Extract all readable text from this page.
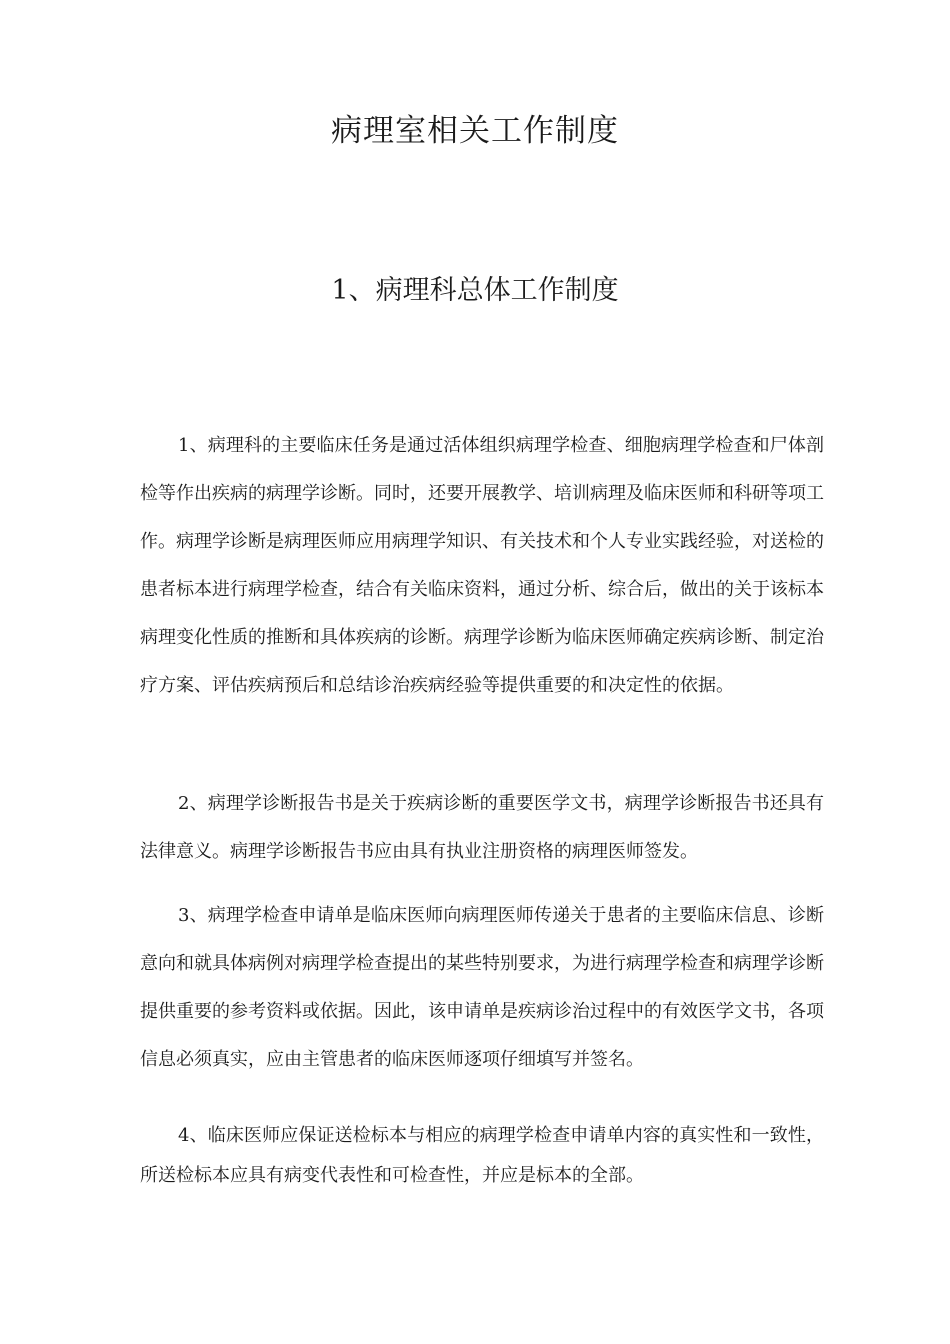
病理室相关工作制度
1、病理科总体工作制度

1、病理科的主要临床任务是通过活体组织病理学检查、细胞病理学检查和尸体剖检等作出疾病的病理学诊断。同时，还要开展教学、培训病理及临床医师和科研等项工作。病理学诊断是病理医师应用病理学知识、有关技术和个人专业实践经验，对送检的患者标本进行病理学检查，结合有关临床资料，通过分析、综合后，做出的关于该标本病理变化性质的推断和具体疾病的诊断。病理学诊断为临床医师确定疾病诊断、制定治疗方案、评估疾病预后和总结诊治疾病经验等提供重要的和决定性的依据。

2、病理学诊断报告书是关于疾病诊断的重要医学文书，病理学诊断报告书还具有法律意义。病理学诊断报告书应由具有执业注册资格的病理医师签发。

3、病理学检查申请单是临床医师向病理医师传递关于患者的主要临床信息、诊断意向和就具体病例对病理学检查提出的某些特别要求，为进行病理学检查和病理学诊断提供重要的参考资料或依据。因此，该申请单是疾病诊治过程中的有效医学文书，各项信息必须真实，应由主管患者的临床医师逐项仔细填写并签名。

4、临床医师应保证送检标本与相应的病理学检查申请单内容的真实性和一致性，所送检标本应具有病变代表性和可检查性，并应是标本的全部。
